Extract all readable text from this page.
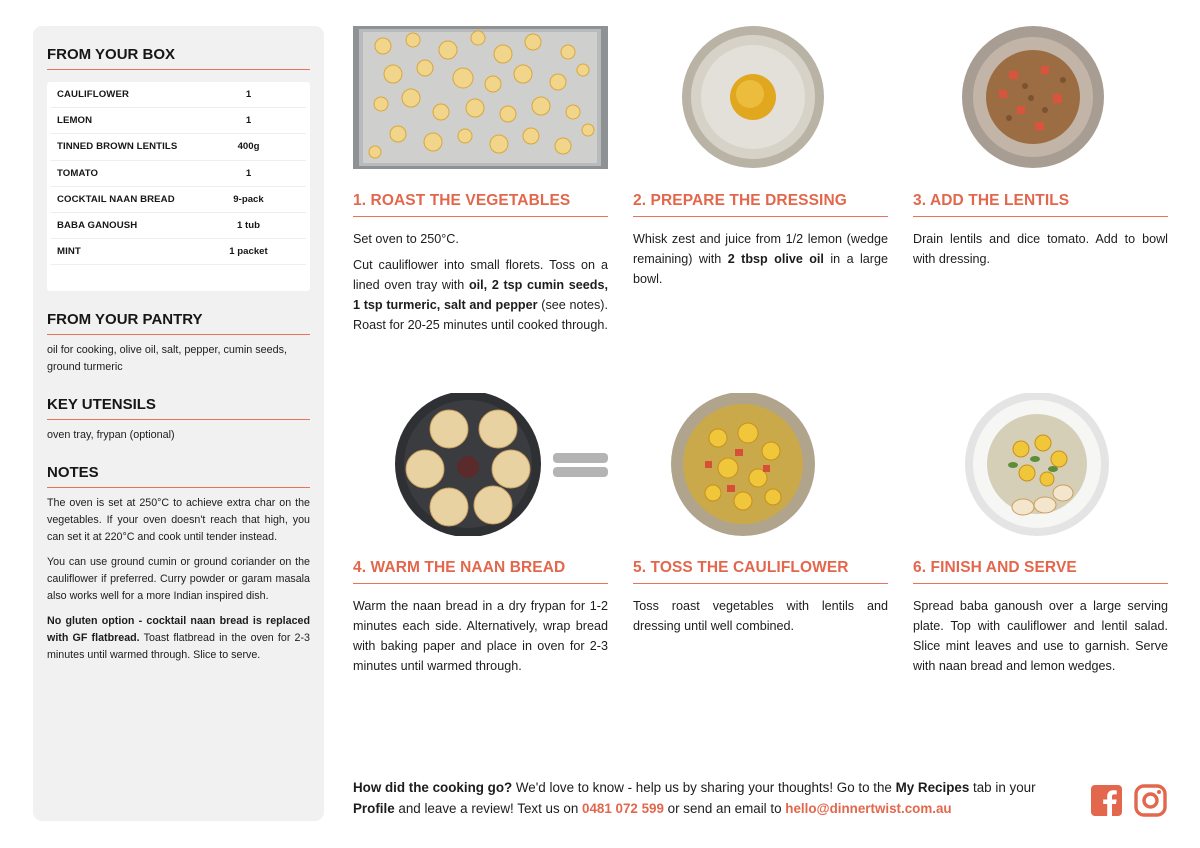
FROM YOUR BOX
CAULIFLOWER	1
LEMON	1
TINNED BROWN LENTILS	400g
TOMATO	1
COCKTAIL NAAN BREAD	9-pack
BABA GANOUSH	1 tub
MINT	1 packet
FROM YOUR PANTRY
oil for cooking, olive oil, salt, pepper, cumin seeds, ground turmeric
KEY UTENSILS
oven tray, frypan (optional)
NOTES

The oven is set at 250°C to achieve extra char on the vegetables. If your oven doesn't reach that high, you can set it at 220°C and cook until tender instead.

You can use ground cumin or ground coriander on the cauliflower if preferred. Curry powder or garam masala also works well for a more Indian inspired dish.

No gluten option - cocktail naan bread is replaced with GF flatbread. Toast flatbread in the oven for 2-3 minutes until warmed through. Slice to serve.

1. ROAST THE VEGETABLES

Set oven to 250°C.

Cut cauliflower into small florets. Toss on a lined oven tray with oil, 2 tsp cumin seeds, 1 tsp turmeric, salt and pepper (see notes). Roast for 20-25 minutes until cooked through.

2. PREPARE THE DRESSING

Whisk zest and juice from 1/2 lemon (wedge remaining) with 2 tbsp olive oil in a large bowl.

3. ADD THE LENTILS

Drain lentils and dice tomato. Add to bowl with dressing.

4. WARM THE NAAN BREAD

Warm the naan bread in a dry frypan for 1-2 minutes each side. Alternatively, wrap bread with baking paper and place in oven for 2-3 minutes until warmed through.

5. TOSS THE CAULIFLOWER

Toss roast vegetables with lentils and dressing until well combined.

6. FINISH AND SERVE

Spread baba ganoush over a large serving plate. Top with cauliflower and lentil salad. Slice mint leaves and use to garnish. Serve with naan bread and lemon wedges.

How did the cooking go? We'd love to know - help us by sharing your thoughts! Go to the My Recipes tab in your Profile and leave a review! Text us on 0481 072 599 or send an email to hello@dinnertwist.com.au
